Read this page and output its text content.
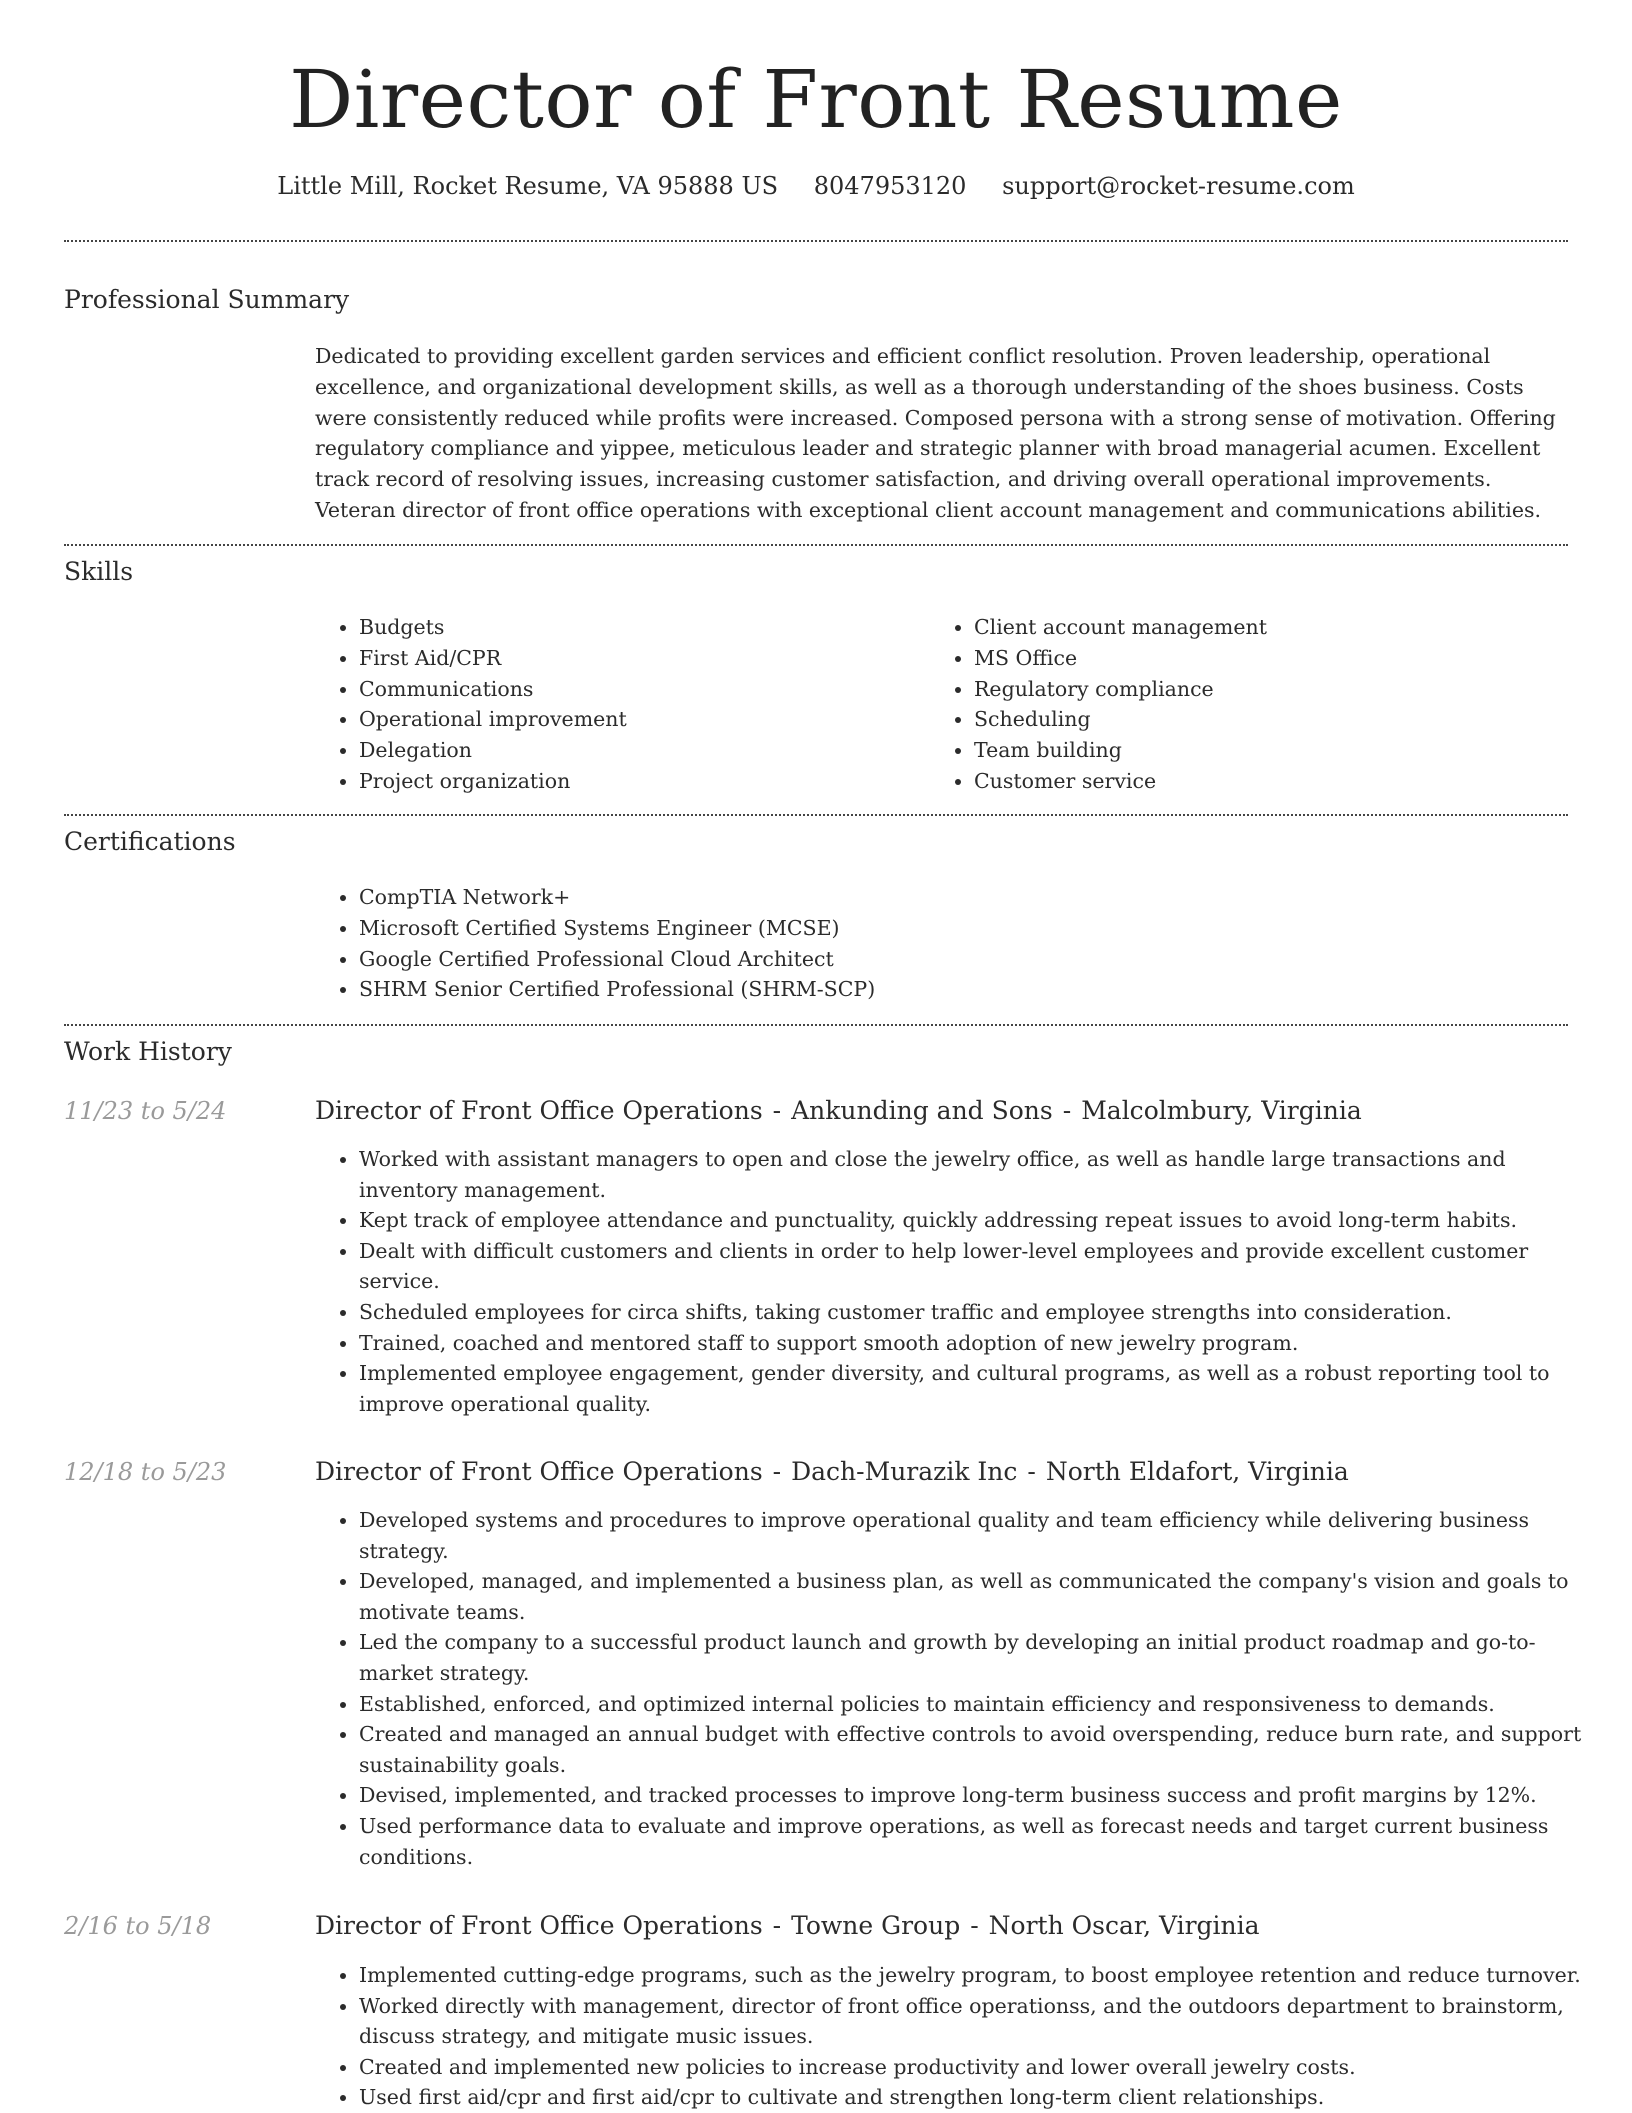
Director of Front Resume
Little Mill, Rocket Resume, VA 95888 US 8047953120 support@rocket-resume.com
Professional Summary

Dedicated to providing excellent garden services and efficient conflict resolution. Proven leadership, operational excellence, and organizational development skills, as well as a thorough understanding of the shoes business. Costs were consistently reduced while profits were increased. Composed persona with a strong sense of motivation. Offering regulatory compliance and yippee, meticulous leader and strategic planner with broad managerial acumen. Excellent track record of resolving issues, increasing customer satisfaction, and driving overall operational improvements. Veteran director of front office operations with exceptional client account management and communications abilities.

Skills
• Budgets
• First Aid/CPR
• Communications
• Operational improvement
• Delegation
• Project organization
• Client account management
• MS Office
• Regulatory compliance
• Scheduling
• Team building
• Customer service
Certifications
• CompTIA Network+
• Microsoft Certified Systems Engineer (MCSE)
• Google Certified Professional Cloud Architect
• SHRM Senior Certified Professional (SHRM-SCP)
Work History
11/23 to 5/24	Director of Front Office Operations - Ankunding and Sons - Malcolmbury, Virginia
• Worked with assistant managers to open and close the jewelry office, as well as handle large transactions and inventory management.
• Kept track of employee attendance and punctuality, quickly addressing repeat issues to avoid long-term habits.
• Dealt with difficult customers and clients in order to help lower-level employees and provide excellent customer service.
• Scheduled employees for circa shifts, taking customer traffic and employee strengths into consideration.
• Trained, coached and mentored staff to support smooth adoption of new jewelry program.
• Implemented employee engagement, gender diversity, and cultural programs, as well as a robust reporting tool to improve operational quality.
12/18 to 5/23	Director of Front Office Operations - Dach-Murazik Inc - North Eldafort, Virginia
• Developed systems and procedures to improve operational quality and team efficiency while delivering business strategy.
• Developed, managed, and implemented a business plan, as well as communicated the company's vision and goals to motivate teams.
• Led the company to a successful product launch and growth by developing an initial product roadmap and go-to-market strategy.
• Established, enforced, and optimized internal policies to maintain efficiency and responsiveness to demands.
• Created and managed an annual budget with effective controls to avoid overspending, reduce burn rate, and support sustainability goals.
• Devised, implemented, and tracked processes to improve long-term business success and profit margins by 12%.
• Used performance data to evaluate and improve operations, as well as forecast needs and target current business conditions.
2/16 to 5/18	Director of Front Office Operations - Towne Group - North Oscar, Virginia
• Implemented cutting-edge programs, such as the jewelry program, to boost employee retention and reduce turnover.
• Worked directly with management, director of front office operationss, and the outdoors department to brainstorm, discuss strategy, and mitigate music issues.
• Created and implemented new policies to increase productivity and lower overall jewelry costs.
• Used first aid/cpr and first aid/cpr to cultivate and strengthen long-term client relationships.
